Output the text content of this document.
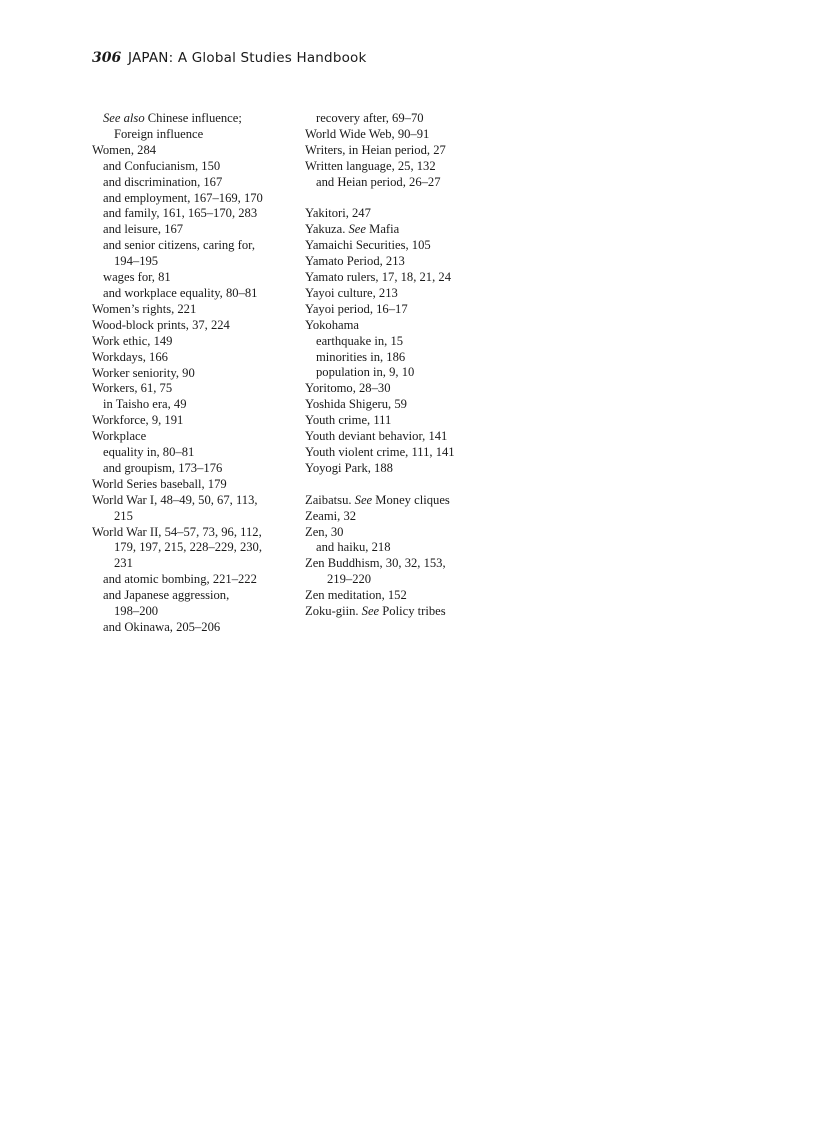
306 JAPAN: A Global Studies Handbook
See also Chinese influence;
Foreign influence
Women, 284
and Confucianism, 150
and discrimination, 167
and employment, 167–169, 170
and family, 161, 165–170, 283
and leisure, 167
and senior citizens, caring for,
194–195
wages for, 81
and workplace equality, 80–81
Women’s rights, 221
Wood-block prints, 37, 224
Work ethic, 149
Workdays, 166
Worker seniority, 90
Workers, 61, 75
in Taisho era, 49
Workforce, 9, 191
Workplace
equality in, 80–81
and groupism, 173–176
World Series baseball, 179
World War I, 48–49, 50, 67, 113,
215
World War II, 54–57, 73, 96, 112,
179, 197, 215, 228–229, 230,
231
and atomic bombing, 221–222
and Japanese aggression,
198–200
and Okinawa, 205–206
recovery after, 69–70
World Wide Web, 90–91
Writers, in Heian period, 27
Written language, 25, 132
and Heian period, 26–27
Yakitori, 247
Yakuza. See Mafia
Yamaichi Securities, 105
Yamato Period, 213
Yamato rulers, 17, 18, 21, 24
Yayoi culture, 213
Yayoi period, 16–17
Yokohama
earthquake in, 15
minorities in, 186
population in, 9, 10
Yoritomo, 28–30
Yoshida Shigeru, 59
Youth crime, 111
Youth deviant behavior, 141
Youth violent crime, 111, 141
Yoyogi Park, 188
Zaibatsu. See Money cliques
Zeami, 32
Zen, 30
and haiku, 218
Zen Buddhism, 30, 32, 153,
219–220
Zen meditation, 152
Zoku-giin. See Policy tribes
